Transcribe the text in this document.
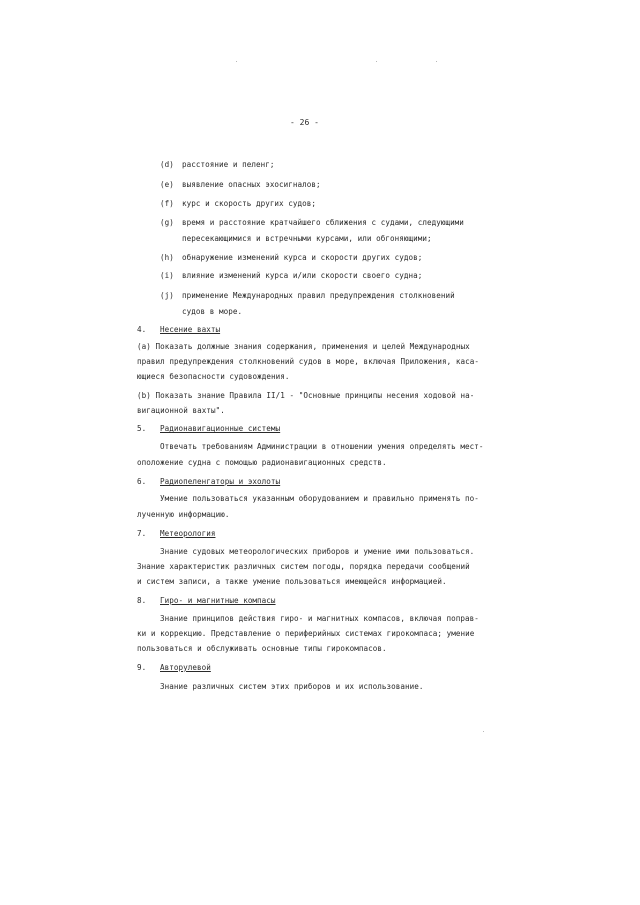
- 26 -
(d) расстояние и пеленг;
(e) выявление опасных эхосигналов;
(f) курс и скорость других судов;
(g) время и расстояние кратчайшего сближения с судами, следующими
пересекающимися и встречными курсами, или обгоняющими;
(h) обнаружение изменений курса и скорости других судов;
(i) влияние изменений курса и/или скорости своего судна;
(j) применение Международных правил предупреждения столкновений
судов в море.
4. Несение вахты
(а) Показать должные знания содержания, применения и целей Международных
правил предупреждения столкновений судов в море, включая Приложения, каса-
ющиеся безопасности судовождения.
(b) Показать знание Правила II/1 - "Основные принципы несения ходовой на-
вигационной вахты".
5. Радионавигационные системы
Отвечать требованиям Администрации в отношении умения определять мест-
оположение судна с помощью радионавигационных средств.
6. Радиопеленгаторы и эхолоты
Умение пользоваться указанным оборудованием и правильно применять по-
лученную информацию.
7. Метеорология
Знание судовых метеорологических приборов и умение ими пользоваться.
Знание характеристик различных систем погоды, порядка передачи сообщений
и систем записи, а также умение пользоваться имеющейся информацией.
8. Гиро- и магнитные компасы
Знание принципов действия гиро- и магнитных компасов, включая поправ-
ки и коррекцию. Представление о периферийных системах гирокомпаса; умение
пользоваться и обслуживать основные типы гирокомпасов.
9. Авторулевой
Знание различных систем этих приборов и их использование.
